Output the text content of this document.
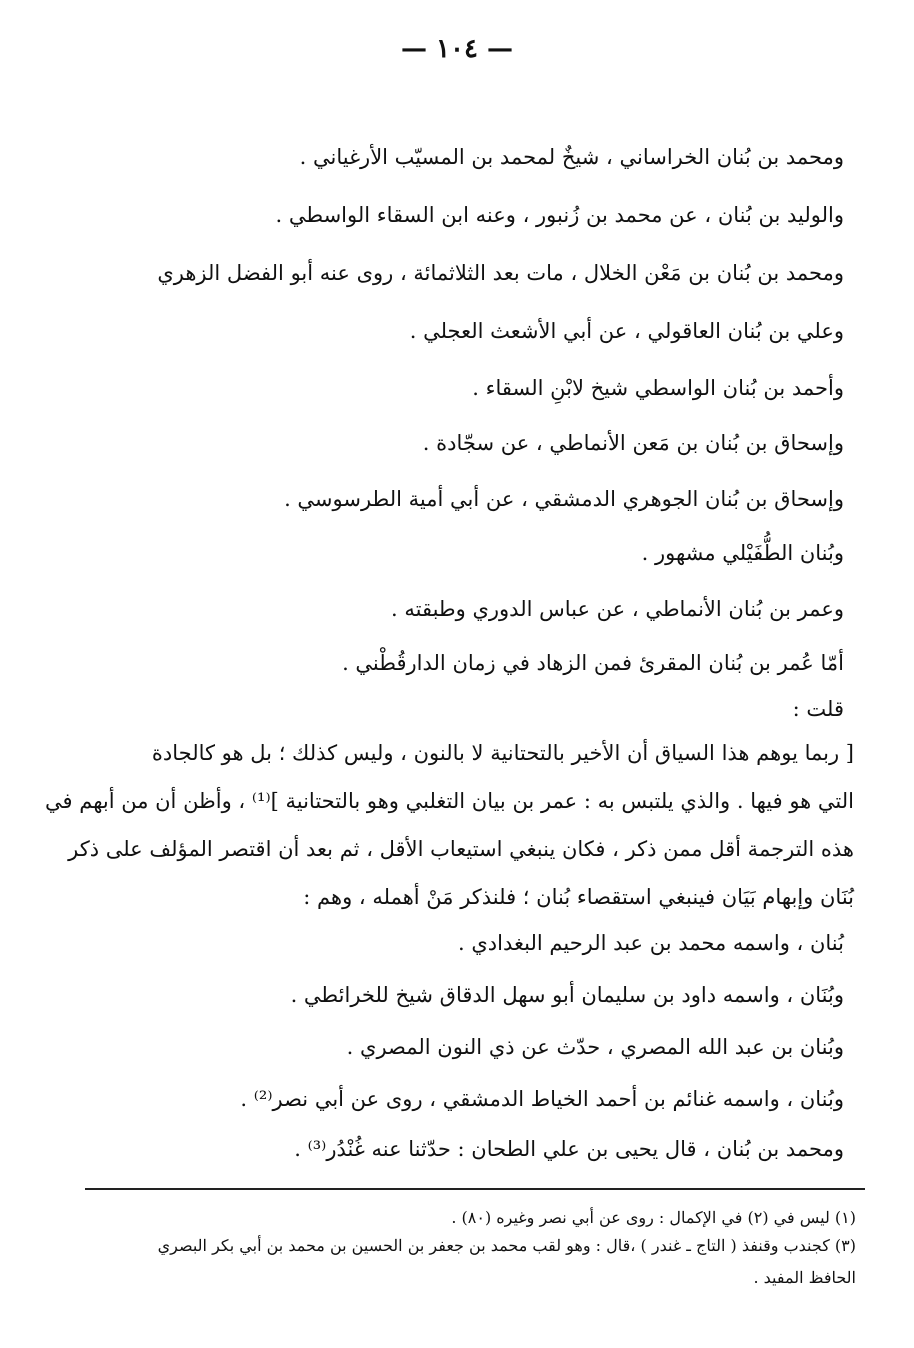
— ١٠٤ —
ومحمد بن بُنان الخراساني ، شيخٌ لمحمد بن المسيّب الأرغياني .
والوليد بن بُنان ، عن محمد بن زُنبور ، وعنه ابن السقاء الواسطي .
ومحمد بن بُنان بن مَعْن الخلال ، مات بعد الثلاثمائة ، روى عنه أبو الفضل الزهري
وعلي بن بُنان العاقولي ، عن أبي الأشعث العجلي .
وأحمد بن بُنان الواسطي شيخ لابْنِ السقاء .
وإسحاق بن بُنان بن مَعن الأنماطي ، عن سجّادة .
وإسحاق بن بُنان الجوهري الدمشقي ، عن أبي أمية الطرسوسي .
وبُنان الطُّفَيْلي مشهور .
وعمر بن بُنان الأنماطي ، عن عباس الدوري وطبقته .
أمّا عُمر بن بُنان المقرئ فمن الزهاد في زمان الدارقُطْني .
قلت :
[ ربما يوهم هذا السياق أن الأخير بالتحتانية لا بالنون ، وليس كذلك ؛ بل هو كالجادة
التي هو فيها . والذي يلتبس به : عمر بن بيان التغلبي وهو بالتحتانية ]⁽¹⁾ ، وأظن أن من أبهم في
هذه الترجمة أقل ممن ذكر ، فكان ينبغي استيعاب الأقل ، ثم بعد أن اقتصر المؤلف على ذكر
بُنَان وإبهام بَيَان فينبغي استقصاء بُنان ؛ فلنذكر مَنْ أهمله ، وهم :
بُنان ، واسمه محمد بن عبد الرحيم البغدادي .
وبُنَان ، واسمه داود بن سليمان أبو سهل الدقاق شيخ للخرائطي .
وبُنان بن عبد الله المصري ، حدّث عن ذي النون المصري .
وبُنان ، واسمه غنائم بن أحمد الخياط الدمشقي ، روى عن أبي نصر⁽²⁾ .
ومحمد بن بُنان ، قال يحيى بن علي الطحان : حدّثنا عنه غُنْدُر⁽³⁾ .
(١) ليس في (٢) في الإكمال : روى عن أبي نصر وغيره (٨٠) .
(٣) كجندب وقنفذ ( التاج ـ غندر ) ،قال : وهو لقب محمد بن جعفر بن الحسين بن محمد بن أبي بكر البصري
الحافظ المفيد .
